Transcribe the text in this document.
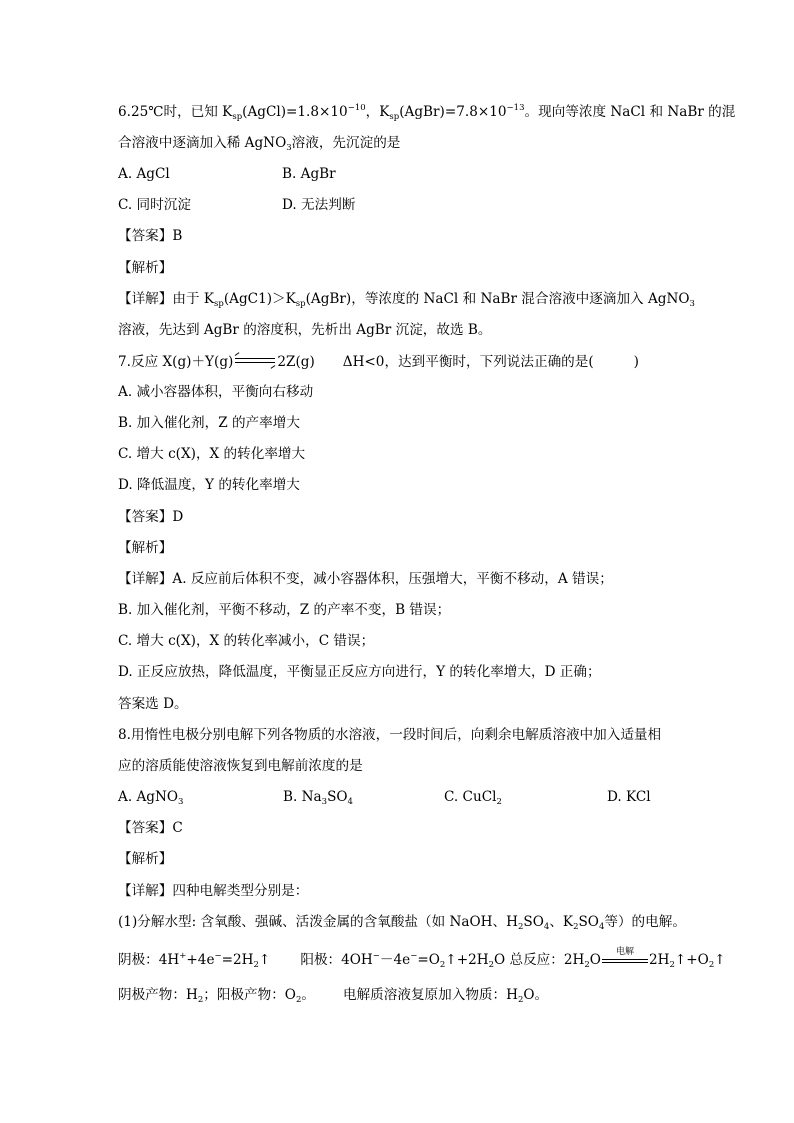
6.25℃时，已知 $K_{sp}(AgCl)=1.8\times 10^{-10}$，$K_{sp}(AgBr)=7.8\times 10^{-13}$。现向等浓度 NaCl 和 NaBr 的混
合溶液中逐滴加入稀 AgNO$_3$溶液，先沉淀的是
A. AgCl	B. AgBr
C. 同时沉淀	D. 无法判断
【答案】B
【解析】
【详解】由于 $K_{sp}(AgC1)>K_{sp}(AgBr)$，等浓度的 NaCl 和 NaBr 混合溶液中逐滴加入 AgNO$_3$
溶液，先达到 AgBr 的溶度积，先析出 AgBr 沉淀，故选 B。
7.反应 X(g)＋Y(g) ⇌ 2Z(g) ΔH<0，达到平衡时，下列说法正确的是(	)
A. 减小容器体积，平衡向右移动
B. 加入催化剂，Z 的产率增大
C. 增大 c(X)，X 的转化率增大
D. 降低温度，Y 的转化率增大
【答案】D
【解析】
【详解】A. 反应前后体积不变，减小容器体积，压强增大，平衡不移动，A 错误；
B. 加入催化剂，平衡不移动，Z 的产率不变，B 错误；
C. 增大 c(X)，X 的转化率减小，C 错误；
D. 正反应放热，降低温度，平衡显正反应方向进行，Y 的转化率增大，D 正确；
答案选 D。
8.用惰性电极分别电解下列各物质的水溶液，一段时间后，向剩余电解质溶液中加入适量相
应的溶质能使溶液恢复到电解前浓度的是
A. AgNO$_3$	B. $Na_3SO_4$	C. CuCl$_2$	D. KCl
【答案】C
【解析】
【详解】四种电解类型分别是：
(1)分解水型: 含氧酸、强碱、活泼金属的含氧酸盐（如 NaOH、$H_2SO_4$、$K_2SO_4$等）的电解。
阴极：$4H^++4e^-=2H_2↑$ 阳极：$4OH^--4e^-=O_2↑+2H_2O$ 总反应：$2H_2O$	电解	$2H_2↑+O_2↑$
阴极产物：$H_2$；阳极产物：$O_2$。 电解质溶液复原加入物质：$H_2O$。
